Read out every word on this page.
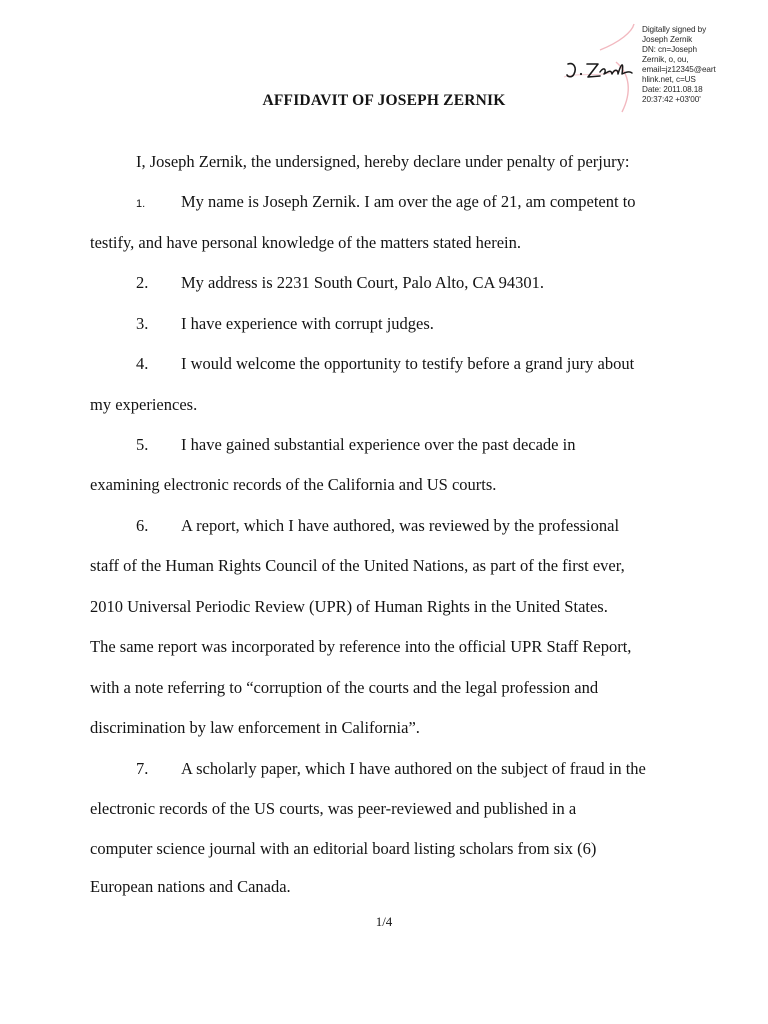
Digitally signed by
Joseph Zernik
DN: cn=Joseph
Zernik, o, ou,
email=jz12345@eart
hlink.net, c=US
Date: 2011.08.18
20:37:42 +03'00'
AFFIDAVIT OF JOSEPH ZERNIK
I, Joseph Zernik, the undersigned, hereby declare under penalty of perjury:
1. My name is Joseph Zernik. I am over the age of 21, am competent to
testify, and have personal knowledge of the matters stated herein.
2. My address is 2231 South Court, Palo Alto, CA 94301.
3. I have experience with corrupt judges.
4. I would welcome the opportunity to testify before a grand jury about
my experiences.
5. I have gained substantial experience over the past decade in
examining electronic records of the California and US courts.
6. A report, which I have authored, was reviewed by the professional
staff of the Human Rights Council of the United Nations, as part of the first ever,
2010 Universal Periodic Review (UPR) of Human Rights in the United States.
The same report was incorporated by reference into the official UPR Staff Report,
with a note referring to “corruption of the courts and the legal profession and
discrimination by law enforcement in California”.
7. A scholarly paper, which I have authored on the subject of fraud in the
electronic records of the US courts, was peer-reviewed and published in a
computer science journal with an editorial board listing scholars from six (6)
European nations and Canada.
1/4
